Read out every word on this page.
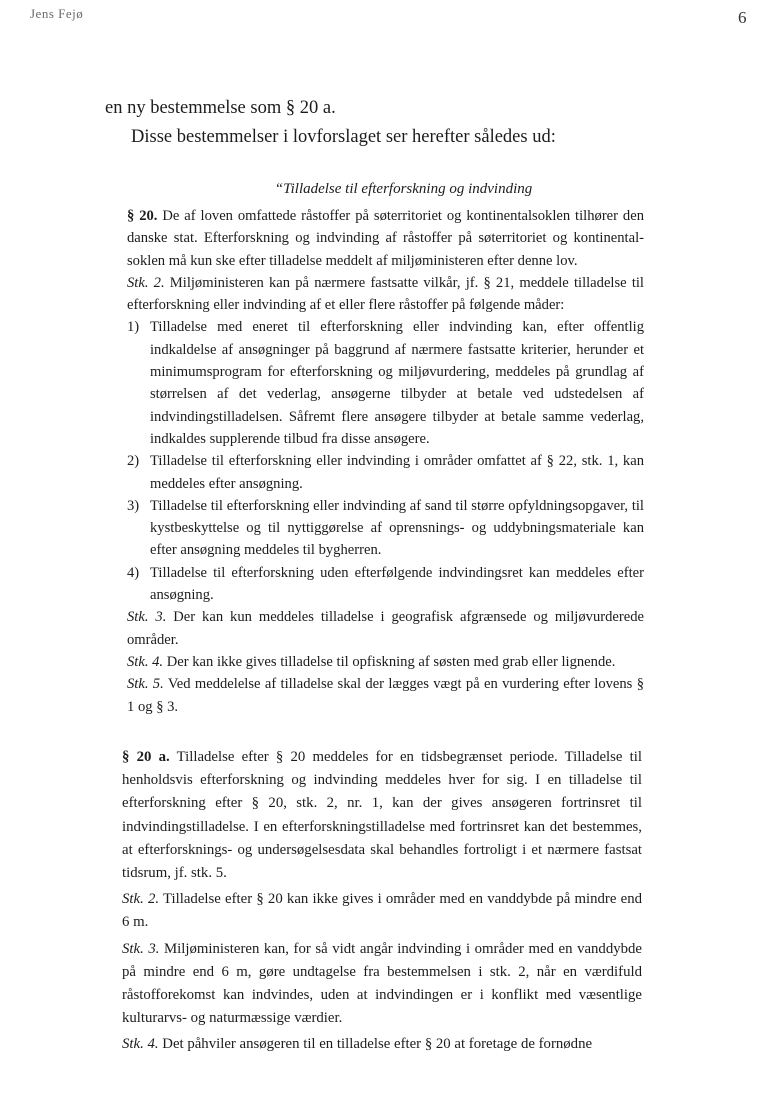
Jens Fejø	6
en ny bestemmelse som § 20 a.
Disse bestemmelser i lovforslaget ser herefter således ud:
“Tilladelse til efterforskning og indvinding

§ 20. De af loven omfattede råstoffer på søterritoriet og kontinentalsoklen tilhører den danske stat. Efterforskning og indvinding af råstoffer på søterritoriet og kontinental-soklen må kun ske efter tilladelse meddelt af miljøministeren efter denne lov.

Stk. 2. Miljøministeren kan på nærmere fastsatte vilkår, jf. § 21, meddele tilladelse til efterforskning eller indvinding af et eller flere råstoffer på følgende måder:

1) Tilladelse med eneret til efterforskning eller indvinding kan, efter offentlig indkaldelse af ansøgninger på baggrund af nærmere fastsatte kriterier, herunder et minimumsprogram for efterforskning og miljøvurdering, meddeles på grundlag af størrelsen af det vederlag, ansøgerne tilbyder at betale ved udstedelsen af indvindingstilladelsen. Såfremt flere ansøgere tilbyder at betale samme vederlag, indkaldes supplerende tilbud fra disse ansøgere.
2) Tilladelse til efterforskning eller indvinding i områder omfattet af § 22, stk. 1, kan meddeles efter ansøgning.
3) Tilladelse til efterforskning eller indvinding af sand til større opfyldningsopgaver, til kystbeskyttelse og til nyttiggørelse af oprensnings- og uddybningsmateriale kan efter ansøgning meddeles til bygherren.
4) Tilladelse til efterforskning uden efterfølgende indvindingsret kan meddeles efter ansøgning.

Stk. 3. Der kan kun meddeles tilladelse i geografisk afgrænsede og miljøvurderede områder.

Stk. 4. Der kan ikke gives tilladelse til opfiskning af søsten med grab eller lignende.

Stk. 5. Ved meddelelse af tilladelse skal der lægges vægt på en vurdering efter lovens § 1 og § 3.

§ 20 a. Tilladelse efter § 20 meddeles for en tidsbegrænset periode. Tilladelse til henholdsvis efterforskning og indvinding meddeles hver for sig. I en tilladelse til efterforskning efter § 20, stk. 2, nr. 1, kan der gives ansøgeren fortrinsret til indvindingstilladelse. I en efterforskningstilladelse med fortrinsret kan det bestemmes, at efterforsknings- og undersøgelsesdata skal behandles fortroligt i et nærmere fastsat tidsrum, jf. stk. 5.

Stk. 2. Tilladelse efter § 20 kan ikke gives i områder med en vanddybde på mindre end 6 m.

Stk. 3. Miljøministeren kan, for så vidt angår indvinding i områder med en vanddybde på mindre end 6 m, gøre undtagelse fra bestemmelsen i stk. 2, når en værdifuld råstofforekomst kan indvindes, uden at indvindingen er i konflikt med væsentlige kulturarvs- og naturmæssige værdier.

Stk. 4. Det påhviler ansøgeren til en tilladelse efter § 20 at foretage de fornødne
